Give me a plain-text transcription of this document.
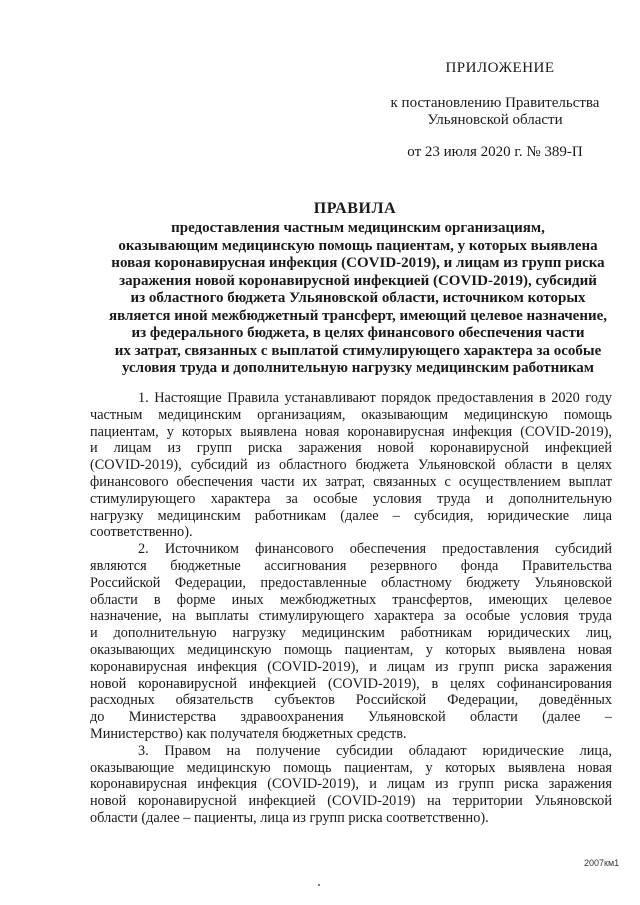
ПРИЛОЖЕНИЕ
к постановлению Правительства
Ульяновской области
от 23 июля 2020 г. № 389-П
ПРАВИЛА
предоставления частным медицинским организациям,
оказывающим медицинскую помощь пациентам, у которых выявлена
новая коронавирусная инфекция (COVID-2019), и лицам из групп риска
заражения новой коронавирусной инфекцией (COVID-2019), субсидий
из областного бюджета Ульяновской области, источником которых
является иной межбюджетный трансферт, имеющий целевое назначение,
из федерального бюджета, в целях финансового обеспечения части
их затрат, связанных с выплатой стимулирующего характера за особые
условия труда и дополнительную нагрузку медицинским работникам
1. Настоящие Правила устанавливают порядок предоставления в 2020 году
частным медицинским организациям, оказывающим медицинскую помощь
пациентам, у которых выявлена новая коронавирусная инфекция (COVID-2019),
и лицам из групп риска заражения новой коронавирусной инфекцией
(COVID-2019), субсидий из областного бюджета Ульяновской области в целях
финансового обеспечения части их затрат, связанных с осуществлением выплат
стимулирующего характера за особые условия труда и дополнительную
нагрузку медицинским работникам (далее – субсидия, юридические лица
соответственно).
2. Источником финансового обеспечения предоставления субсидий
являются бюджетные ассигнования резервного фонда Правительства
Российской Федерации, предоставленные областному бюджету Ульяновской
области в форме иных межбюджетных трансфертов, имеющих целевое
назначение, на выплаты стимулирующего характера за особые условия труда
и дополнительную нагрузку медицинским работникам юридических лиц,
оказывающих медицинскую помощь пациентам, у которых выявлена новая
коронавирусная инфекция (COVID-2019), и лицам из групп риска заражения
новой коронавирусной инфекцией (COVID-2019), в целях софинансирования
расходных обязательств субъектов Российской Федерации, доведённых
до Министерства здравоохранения Ульяновской области (далее –
Министерство) как получателя бюджетных средств.
3. Правом на получение субсидии обладают юридические лица,
оказывающие медицинскую помощь пациентам, у которых выявлена новая
коронавирусная инфекция (COVID-2019), и лицам из групп риска заражения
новой коронавирусной инфекцией (COVID-2019) на территории Ульяновской
области (далее – пациенты, лица из групп риска соответственно).
2007км1
